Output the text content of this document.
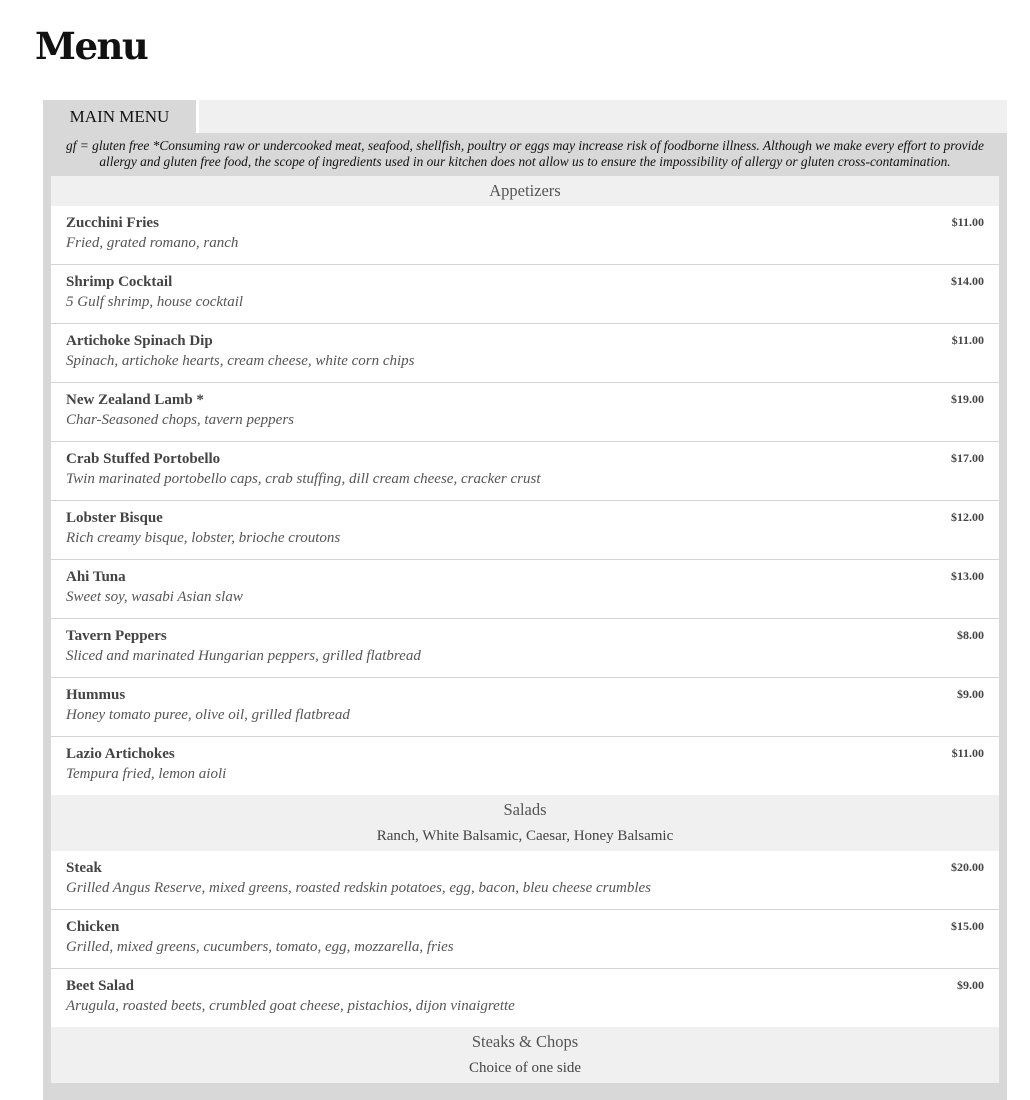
Menu
MAIN MENU

gf = gluten free *Consuming raw or undercooked meat, seafood, shellfish, poultry or eggs may increase risk of foodborne illness. Although we make every effort to provide allergy and gluten free food, the scope of ingredients used in our kitchen does not allow us to ensure the impossibility of allergy or gluten cross-contamination.

Appetizers
Zucchini Fries
Fried, grated romano, ranch
$11.00
Shrimp Cocktail
5 Gulf shrimp, house cocktail
$14.00
Artichoke Spinach Dip
Spinach, artichoke hearts, cream cheese, white corn chips
$11.00
New Zealand Lamb *
Char-Seasoned chops, tavern peppers
$19.00
Crab Stuffed Portobello
Twin marinated portobello caps, crab stuffing, dill cream cheese, cracker crust
$17.00
Lobster Bisque
Rich creamy bisque, lobster, brioche croutons
$12.00
Ahi Tuna
Sweet soy, wasabi Asian slaw
$13.00
Tavern Peppers
Sliced and marinated Hungarian peppers, grilled flatbread
$8.00
Hummus
Honey tomato puree, olive oil, grilled flatbread
$9.00
Lazio Artichokes
Tempura fried, lemon aioli
$11.00
Salads
Ranch, White Balsamic, Caesar, Honey Balsamic
Steak
Grilled Angus Reserve, mixed greens, roasted redskin potatoes, egg, bacon, bleu cheese crumbles
$20.00
Chicken
Grilled, mixed greens, cucumbers, tomato, egg, mozzarella, fries
$15.00
Beet Salad
Arugula, roasted beets, crumbled goat cheese, pistachios, dijon vinaigrette
$9.00
Steaks & Chops
Choice of one side
